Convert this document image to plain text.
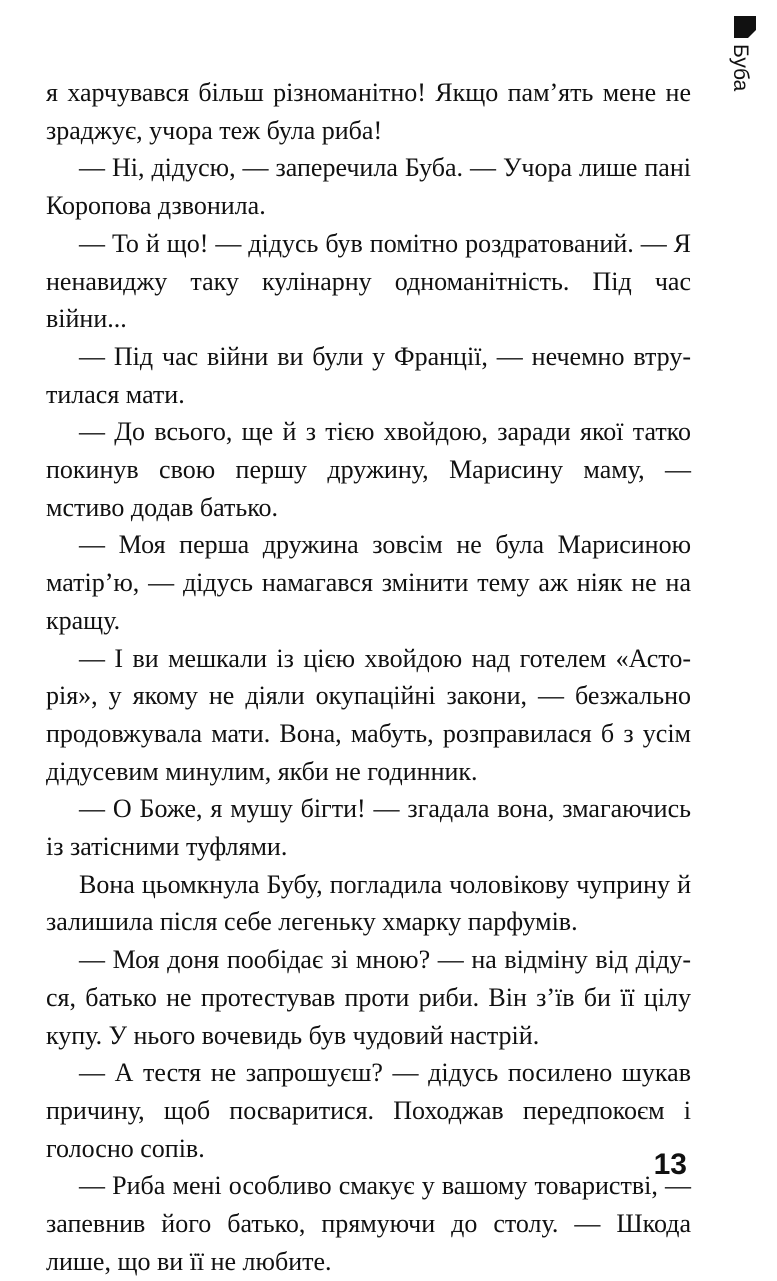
Буба

я харчувався більш різноманітно! Якщо пам’ять мене не зраджує, учора теж була риба!

— Ні, дідусю, — заперечила Буба. — Учора лише пані Коропова дзвонила.

— То й що! — дідусь був помітно роздратований. — Я ненавиджу таку кулінарну одноманітність. Під час війни...

— Під час війни ви були у Франції, — нечемно втрутилася мати.

— До всього, ще й з тією хвойдою, заради якої татко покинув свою першу дружину, Марисину маму, — мстиво додав батько.

— Моя перша дружина зовсім не була Марисиною матір’ю, — дідусь намагався змінити тему аж ніяк не на кращу.

— І ви мешкали із цією хвойдою над готелем «Асторія», у якому не діяли окупаційні закони, — безжально продовжувала мати. Вона, мабуть, розправилася б з усім дідусевим минулим, якби не годинник.

— О Боже, я мушу бігти! — згадала вона, змагаючись із затісними туфлями.

Вона цьомкнула Бубу, погладила чоловікову чуприну й залишила після себе легеньку хмарку парфумів.

— Моя доня пообідає зі мною? — на відміну від дідуся, батько не протестував проти риби. Він з’їв би її цілу купу. У нього вочевидь був чудовий настрій.

— А тестя не запрошуєш? — дідусь посилено шукав причину, щоб посваритися. Походжав передпокоєм і голосно сопів.

— Риба мені особливо смакує у вашому товаристві, — запевнив його батько, прямуючи до столу. — Шкода лише, що ви її не любите.

13
